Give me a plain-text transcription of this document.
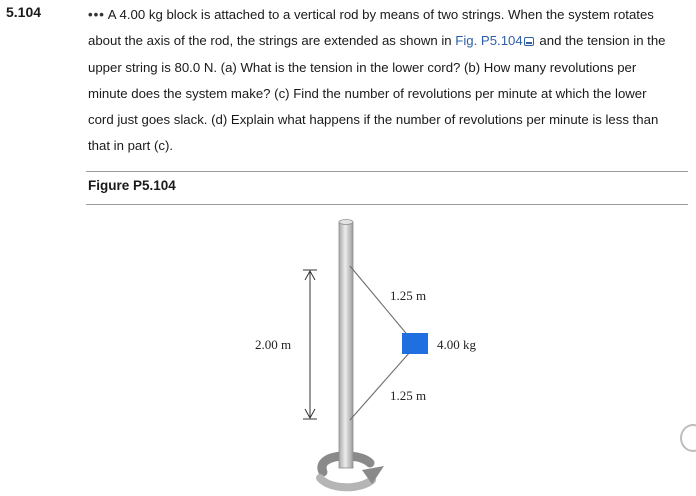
5.104	••• A 4.00 kg block is attached to a vertical rod by means of two strings. When the system rotates about the axis of the rod, the strings are extended as shown in Fig. P5.104 and the tension in the upper string is 80.0 N. (a) What is the tension in the lower cord? (b) How many revolutions per minute does the system make? (c) Find the number of revolutions per minute at which the lower cord just goes slack. (d) Explain what happens if the number of revolutions per minute is less than that in part (c).
Figure P5.104
1.25 m
1.25 m
2.00 m	4.00 kg
